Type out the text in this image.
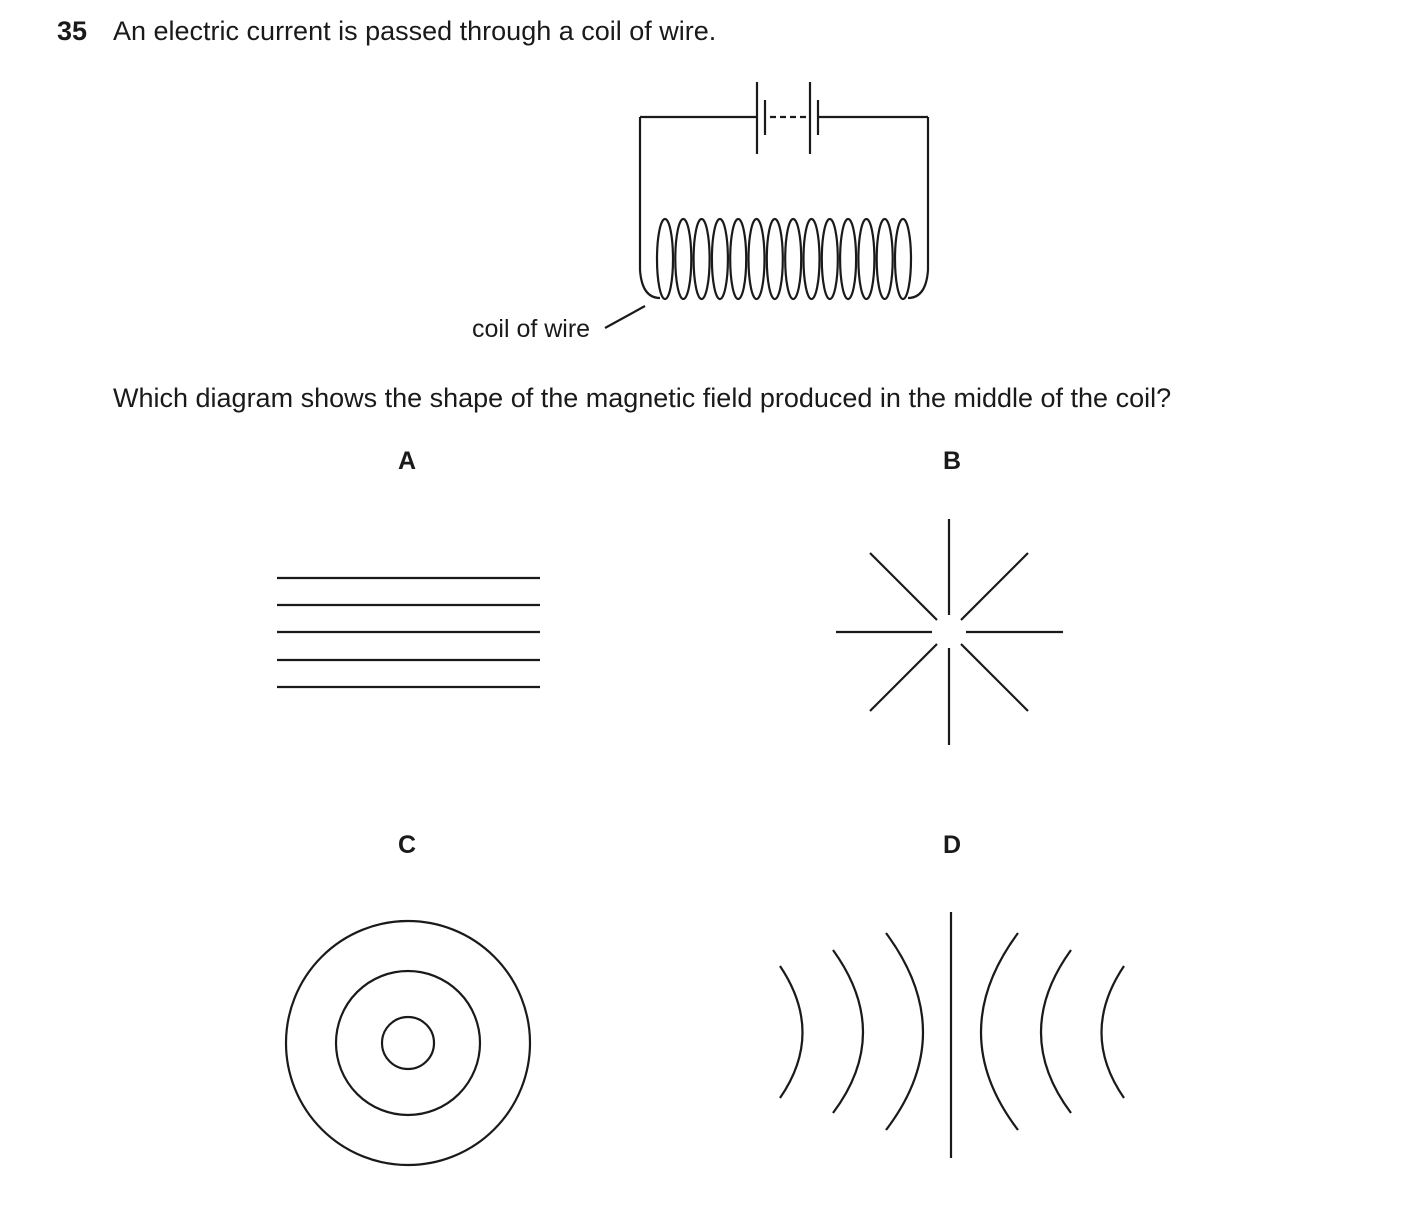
35 An electric current is passed through a coil of wire.
coil of wire
Which diagram shows the shape of the magnetic field produced in the middle of the coil?
A	B
C	D
